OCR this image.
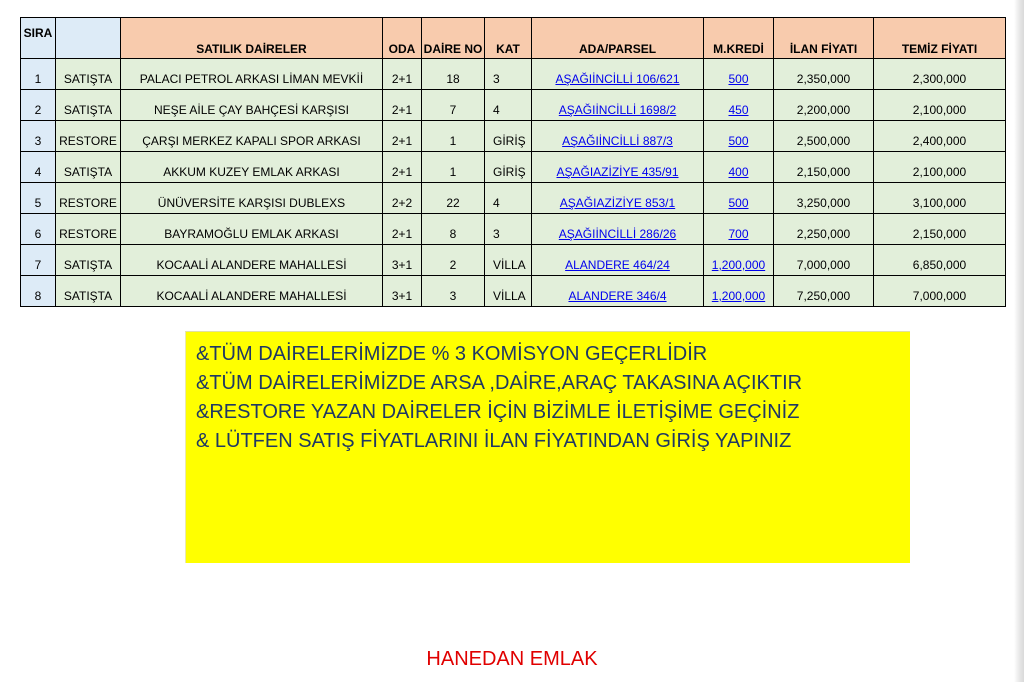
SIRA		SATILIK DAİRELER	ODA	DAİRE NO	KAT	ADA/PARSEL	M.KREDİ	İLAN FİYATI	TEMİZ FİYATI
1	SATIŞTA	PALACI PETROL ARKASI LİMAN MEVKİİ	2+1	18	3	AŞAĞIİNCİLLİ 106/621	500	2,350,000	2,300,000
2	SATIŞTA	NEŞE AİLE ÇAY BAHÇESİ KARŞISI	2+1	7	4	AŞAĞIİNCİLLİ 1698/2	450	2,200,000	2,100,000
3	RESTORE	ÇARŞI MERKEZ KAPALI SPOR ARKASI	2+1	1	GİRİŞ	AŞAĞIİNCİLLİ 887/3	500	2,500,000	2,400,000
4	SATIŞTA	AKKUM KUZEY EMLAK ARKASI	2+1	1	GİRİŞ	AŞAĞIAZİZİYE 435/91	400	2,150,000	2,100,000
5	RESTORE	ÜNÜVERSİTE KARŞISI DUBLEXS	2+2	22	4	AŞAĞIAZİZİYE 853/1	500	3,250,000	3,100,000
6	RESTORE	BAYRAMOĞLU EMLAK ARKASI	2+1	8	3	AŞAĞIİNCİLLİ 286/26	700	2,250,000	2,150,000
7	SATIŞTA	KOCAALİ ALANDERE MAHALLESİ	3+1	2	VİLLA	ALANDERE 464/24	1,200,000	7,000,000	6,850,000
8	SATIŞTA	KOCAALİ ALANDERE MAHALLESİ	3+1	3	VİLLA	ALANDERE 346/4	1,200,000	7,250,000	7,000,000
&TÜM DAİRELERİMİZDE % 3 KOMİSYON GEÇERLİDİR
&TÜM DAİRELERİMİZDE ARSA ,DAİRE,ARAÇ TAKASINA AÇIKTIR
&RESTORE YAZAN DAİRELER İÇİN BİZİMLE İLETİŞİME GEÇİNİZ
& LÜTFEN SATIŞ FİYATLARINI İLAN FİYATINDAN GİRİŞ YAPINIZ
HANEDAN EMLAK
